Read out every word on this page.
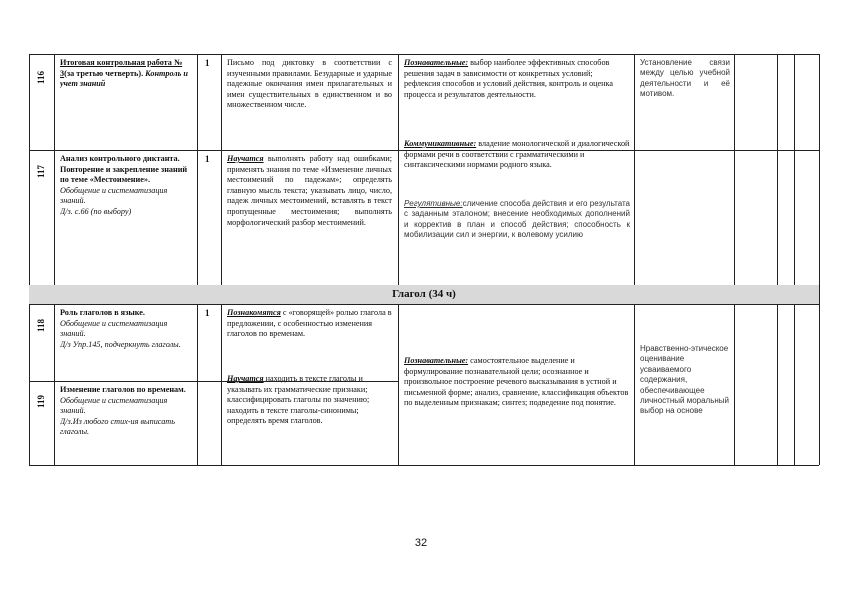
Глагол (34 ч)
116
117
118
119
Итоговая контрольная работа № 3(за третью четверть). Контроль и учет знаний
1 Письмо под диктовку в соответствии с изученными правилами. Безударные и ударные падежные окончания имен прилагательных и имен существительных в единственном и во множественном числе.
Познавательные: выбор наиболее эффективных способов решения задач в зависимости от конкретных условий; рефлексия способов и условий действия, контроль и оценка процесса и результатов деятельности.
Коммуникативные: владение монологической и диалогической формами речи в соответствии с грамматическими и синтаксическими нормами родного языка.
Установление связи между целью учебной деятельности и её мотивом.
Анализ контрольного диктанта. Повторение и закрепление знаний по теме «Местоимение».
Обобщение и систематизация знаний.
Д/з. с.66 (по выбору)
1 Научатся выполнять работу над ошибками; применять знания по теме «Изменение личных местоимений по падежам»; определять главную мысль текста; указывать лицо, число, падеж личных местоимений, вставлять в текст пропущенные местоимения; выполнять морфологический разбор местоимений.
Регулятивные:сличение способа действия и его результата с заданным эталоном; внесение необходимых дополнений и корректив в план и способ действия; способность к мобилизации сил и энергии, к волевому усилию
Роль глаголов в языке.
Обобщение и систематизация знаний.
Д/з Упр.145, подчеркнуть глаголы.
1 Познакомятся с «говорящей» ролью глагола в предложении, с особенностью изменения глаголов по временам.
Познавательные: самостоятельное выделение и формулирование познавательной цели; осознанное и произвольное построение речевого высказывания в устной и письменной форме; анализ, сравнение, классификация объектов по выделенным признакам; синтез; подведение под понятие.
Нравственно-этическое оценивание усваиваемого содержания, обеспечивающее личностный моральный выбор на основе
Изменение глаголов по временам.
Обобщение и систематизация знаний.
Д/з.Из любого стих-ия выписать глаголы.
Научатся находить в тексте глаголы и указывать их грамматические признаки; классифицировать глаголы по значению; находить в тексте глаголы-синонимы; определять время глаголов.
32
